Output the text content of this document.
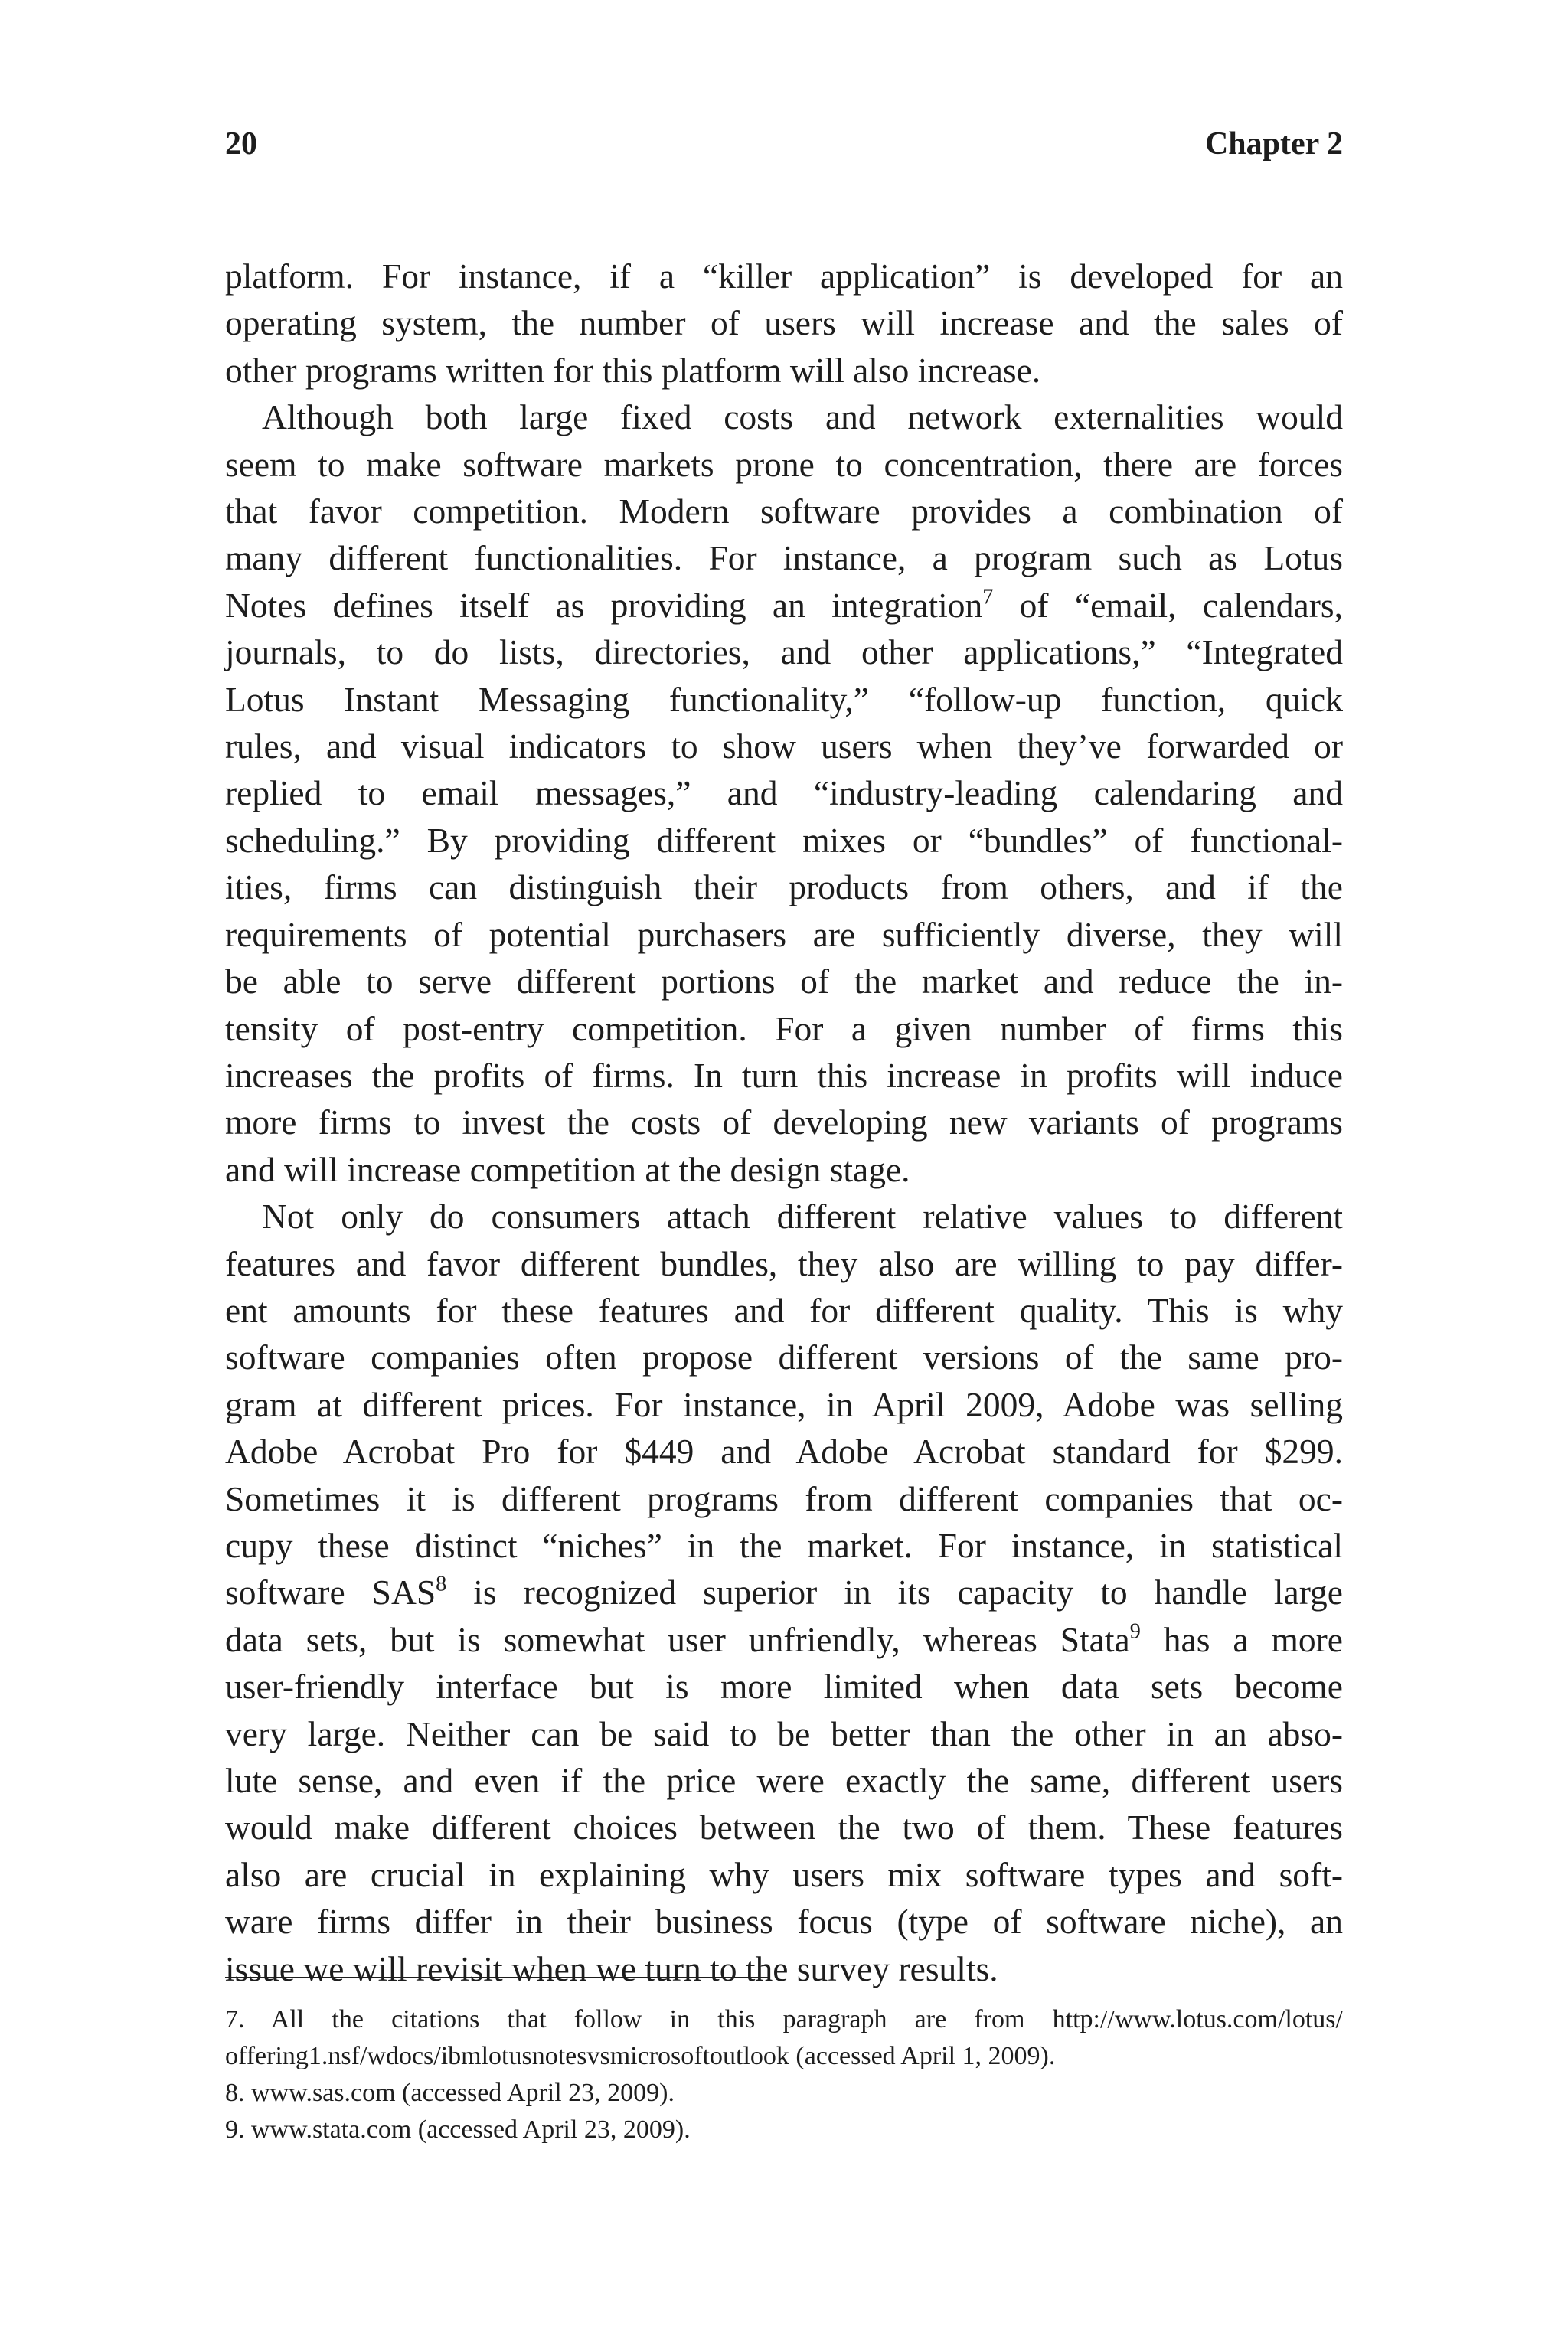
20	Chapter 2

platform. For instance, if a “killer application” is developed for an
operating system, the number of users will increase and the sales of
other programs written for this platform will also increase.

Although both large fixed costs and network externalities would
seem to make software markets prone to concentration, there are forces
that favor competition. Modern software provides a combination of
many different functionalities. For instance, a program such as Lotus
Notes defines itself as providing an integration$^7$ of “email, calendars,
journals, to do lists, directories, and other applications,” “Integrated
Lotus Instant Messaging functionality,” “follow-up function, quick
rules, and visual indicators to show users when they’ve forwarded or
replied to email messages,” and “industry-leading calendaring and
scheduling.” By providing different mixes or “bundles” of functional-
ities, firms can distinguish their products from others, and if the
requirements of potential purchasers are sufficiently diverse, they will
be able to serve different portions of the market and reduce the in-
tensity of post-entry competition. For a given number of firms this
increases the profits of firms. In turn this increase in profits will induce
more firms to invest the costs of developing new variants of programs
and will increase competition at the design stage.

Not only do consumers attach different relative values to different
features and favor different bundles, they also are willing to pay differ-
ent amounts for these features and for different quality. This is why
software companies often propose different versions of the same pro-
gram at different prices. For instance, in April 2009, Adobe was selling
Adobe Acrobat Pro for $449 and Adobe Acrobat standard for $299.
Sometimes it is different programs from different companies that oc-
cupy these distinct “niches” in the market. For instance, in statistical
software SAS$^8$ is recognized superior in its capacity to handle large
data sets, but is somewhat user unfriendly, whereas Stata$^9$ has a more
user-friendly interface but is more limited when data sets become
very large. Neither can be said to be better than the other in an abso-
lute sense, and even if the price were exactly the same, different users
would make different choices between the two of them. These features
also are crucial in explaining why users mix software types and soft-
ware firms differ in their business focus (type of software niche), an
issue we will revisit when we turn to the survey results.

7. All the citations that follow in this paragraph are from http://www.lotus.com/lotus/
offering1.nsf/wdocs/ibmlotusnotesvsmicrosoftoutlook (accessed April 1, 2009).
8. www.sas.com (accessed April 23, 2009).
9. www.stata.com (accessed April 23, 2009).
